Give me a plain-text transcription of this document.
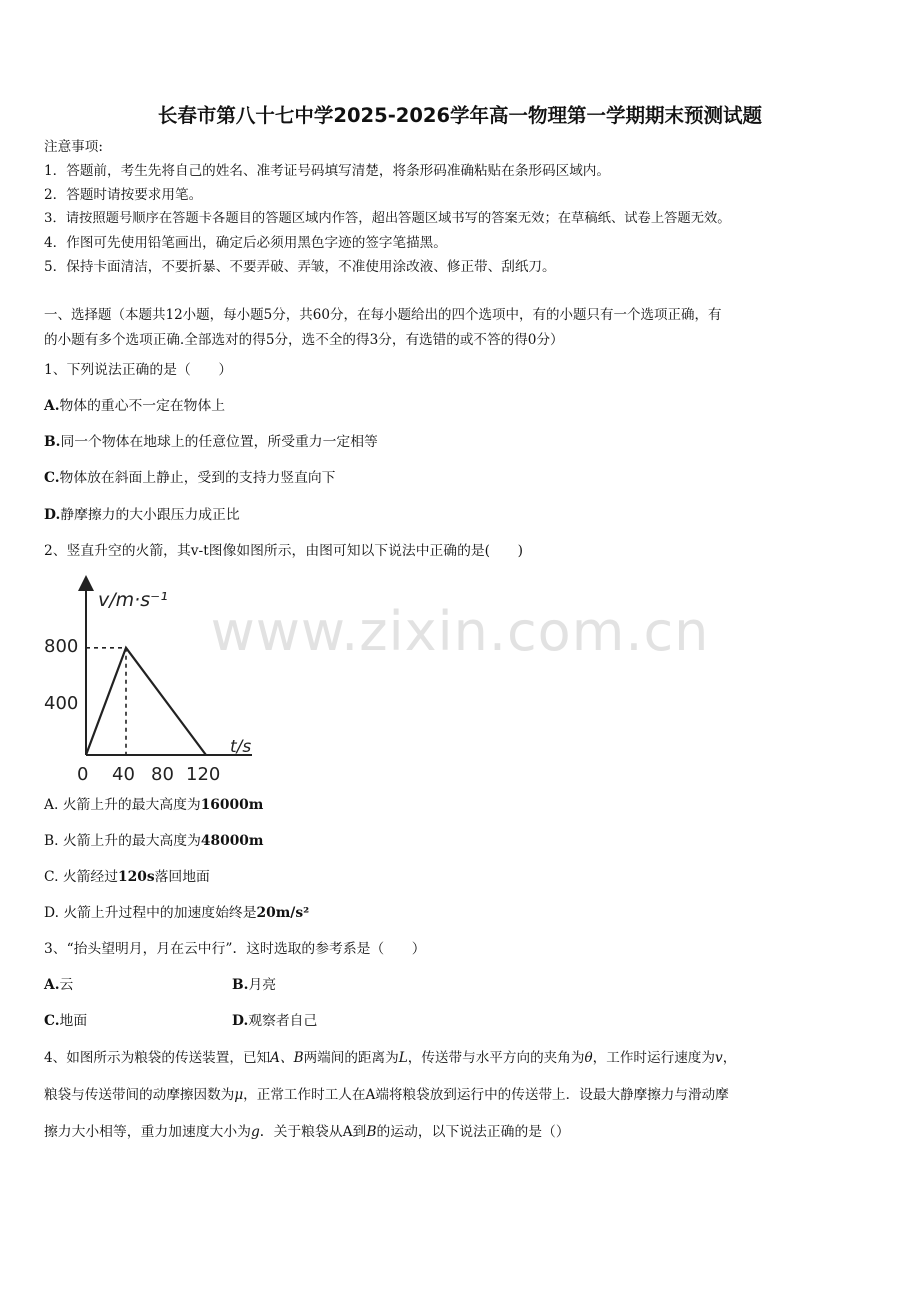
长春市第八十七中学2025-2026学年高一物理第一学期期末预测试题
注意事项:
1．答题前，考生先将自己的姓名、准考证号码填写清楚，将条形码准确粘贴在条形码区域内。
2．答题时请按要求用笔。
3．请按照题号顺序在答题卡各题目的答题区域内作答，超出答题区域书写的答案无效；在草稿纸、试卷上答题无效。
4．作图可先使用铅笔画出，确定后必须用黑色字迹的签字笔描黑。
5．保持卡面清洁，不要折暴、不要弄破、弄皱，不准使用涂改液、修正带、刮纸刀。
一、选择题（本题共12小题，每小题5分，共60分，在每小题给出的四个选项中，有的小题只有一个选项正确，有
的小题有多个选项正确.全部选对的得5分，选不全的得3分，有选错的或不答的得0分）
1、下列说法正确的是（　　）
A.物体的重心不一定在物体上
B.同一个物体在地球上的任意位置，所受重力一定相等
C.物体放在斜面上静止，受到的支持力竖直向下
D.静摩擦力的大小跟压力成正比
2、竖直升空的火箭，其v-t图像如图所示，由图可知以下说法中正确的是(　　)
v/m·s⁻¹
t/s
800
400
0 40 80 120
A. 火箭上升的最大高度为16000m
B. 火箭上升的最大高度为48000m
C. 火箭经过120s落回地面
D. 火箭上升过程中的加速度始终是20m/s²
3、“抬头望明月，月在云中行”．这时选取的参考系是（　　）
A.云	B.月亮
C.地面	D.观察者自己
4、如图所示为粮袋的传送装置，已知A、B两端间的距离为L，传送带与水平方向的夹角为θ，工作时运行速度为v，
粮袋与传送带间的动摩擦因数为μ，正常工作时工人在A端将粮袋放到运行中的传送带上．设最大静摩擦力与滑动摩
擦力大小相等，重力加速度大小为g．关于粮袋从A到B的运动，以下说法正确的是（）
www.zixin.com.cn
